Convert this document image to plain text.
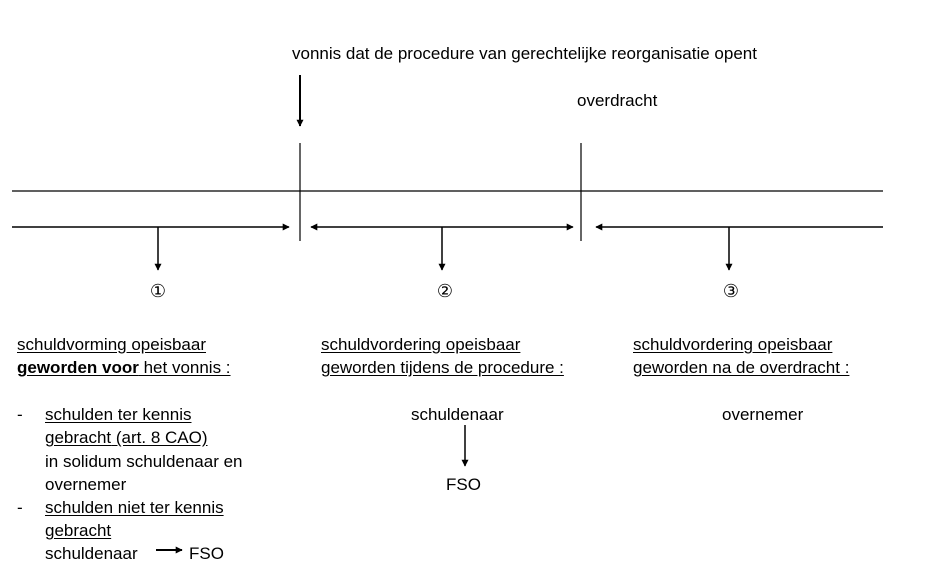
vonnis dat de procedure van gerechtelijke reorganisatie opent
overdracht
①	②	③
schuldvorming opeisbaar
geworden voor het vonnis :
- schulden ter kennis
gebracht (art. 8 CAO)
in solidum schuldenaar en
overnemer
- schulden niet ter kennis
gebracht
schuldenaar	FSO
schuldvordering opeisbaar
geworden tijdens de procedure :
schuldenaar
FSO
schuldvordering opeisbaar
geworden na de overdracht :
overnemer
